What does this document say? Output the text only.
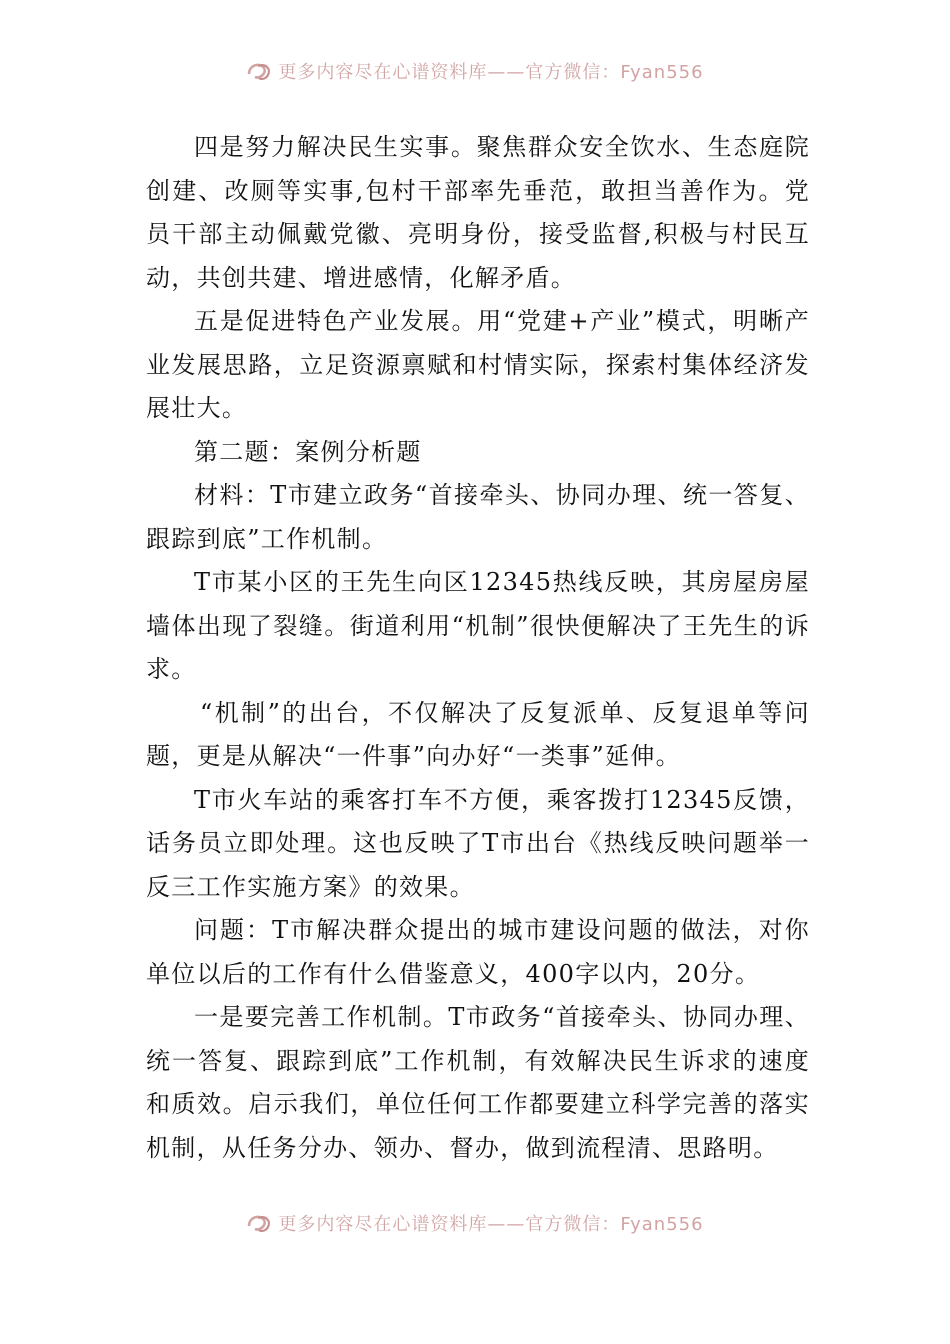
更多内容尽在心谱资料库——官方微信：Fyan556

四是努力解决民生实事。聚焦群众安全饮水、生态庭院创建、改厕等实事,包村干部率先垂范，敢担当善作为。党员干部主动佩戴党徽、亮明身份，接受监督,积极与村民互动，共创共建、增进感情，化解矛盾。

五是促进特色产业发展。用“党建+产业”模式，明晰产业发展思路，立足资源禀赋和村情实际，探索村集体经济发展壮大。

第二题：案例分析题

材料：T市建立政务“首接牵头、协同办理、统一答复、跟踪到底”工作机制。

T市某小区的王先生向区12345热线反映，其房屋房屋墙体出现了裂缝。街道利用“机制”很快便解决了王先生的诉求。

“机制”的出台，不仅解决了反复派单、反复退单等问题，更是从解决“一件事”向办好“一类事”延伸。

T市火车站的乘客打车不方便，乘客拨打12345反馈，话务员立即处理。这也反映了T市出台《热线反映问题举一反三工作实施方案》的效果。

问题：T市解决群众提出的城市建设问题的做法，对你单位以后的工作有什么借鉴意义，400字以内，20分。

一是要完善工作机制。T市政务“首接牵头、协同办理、统一答复、跟踪到底”工作机制，有效解决民生诉求的速度和质效。启示我们，单位任何工作都要建立科学完善的落实机制，从任务分办、领办、督办，做到流程清、思路明。

更多内容尽在心谱资料库——官方微信：Fyan556
